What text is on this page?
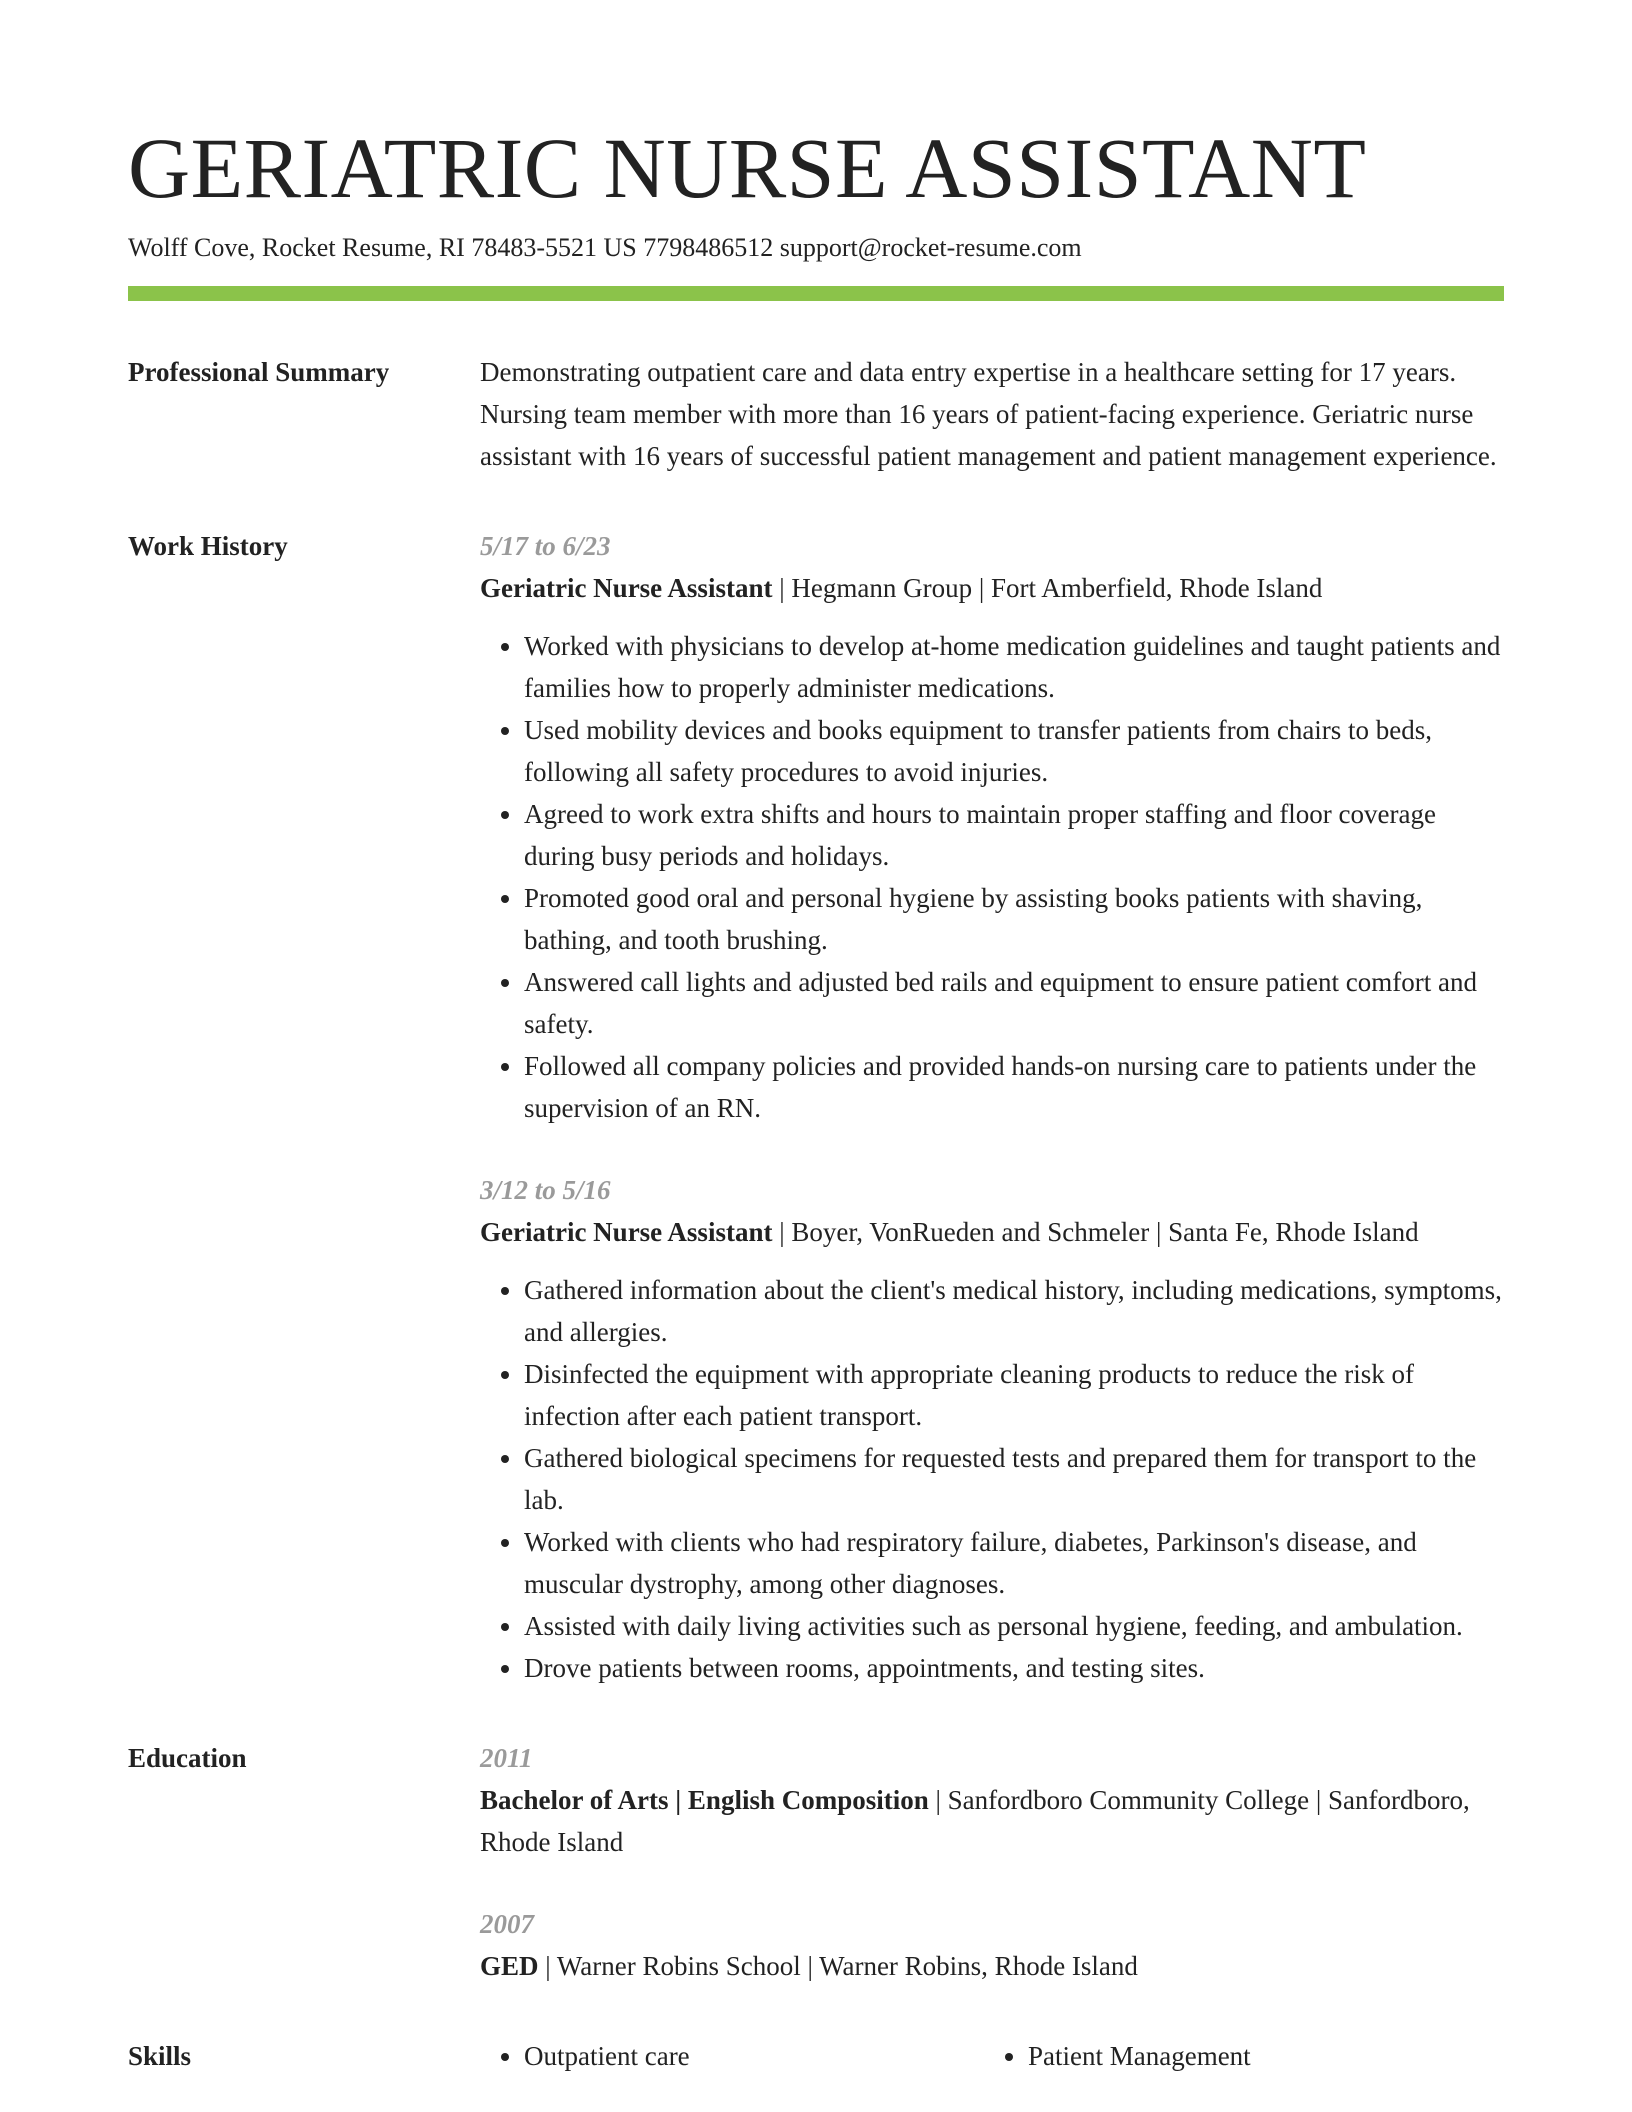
GERIATRIC NURSE ASSISTANT
Wolff Cove, Rocket Resume, RI 78483-5521 US 7798486512 support@rocket-resume.com
Professional Summary	Demonstrating outpatient care and data entry expertise in a healthcare setting for 17 years. Nursing team member with more than 16 years of patient-facing experience. Geriatric nurse assistant with 16 years of successful patient management and patient management experience.

Work History	5/17 to 6/23
Geriatric Nurse Assistant | Hegmann Group | Fort Amberfield, Rhode Island
• Worked with physicians to develop at-home medication guidelines and taught patients and families how to properly administer medications.
• Used mobility devices and books equipment to transfer patients from chairs to beds, following all safety procedures to avoid injuries.
• Agreed to work extra shifts and hours to maintain proper staffing and floor coverage during busy periods and holidays.
• Promoted good oral and personal hygiene by assisting books patients with shaving, bathing, and tooth brushing.
• Answered call lights and adjusted bed rails and equipment to ensure patient comfort and safety.
• Followed all company policies and provided hands-on nursing care to patients under the supervision of an RN.
3/12 to 5/16
Geriatric Nurse Assistant | Boyer, VonRueden and Schmeler | Santa Fe, Rhode Island
• Gathered information about the client's medical history, including medications, symptoms, and allergies.
• Disinfected the equipment with appropriate cleaning products to reduce the risk of infection after each patient transport.
• Gathered biological specimens for requested tests and prepared them for transport to the lab.
• Worked with clients who had respiratory failure, diabetes, Parkinson's disease, and muscular dystrophy, among other diagnoses.
• Assisted with daily living activities such as personal hygiene, feeding, and ambulation.
• Drove patients between rooms, appointments, and testing sites.
Education	2011
Bachelor of Arts | English Composition | Sanfordboro Community College | Sanfordboro, Rhode Island
2007
GED | Warner Robins School | Warner Robins, Rhode Island
Skills	• Outpatient care	• Patient Management
